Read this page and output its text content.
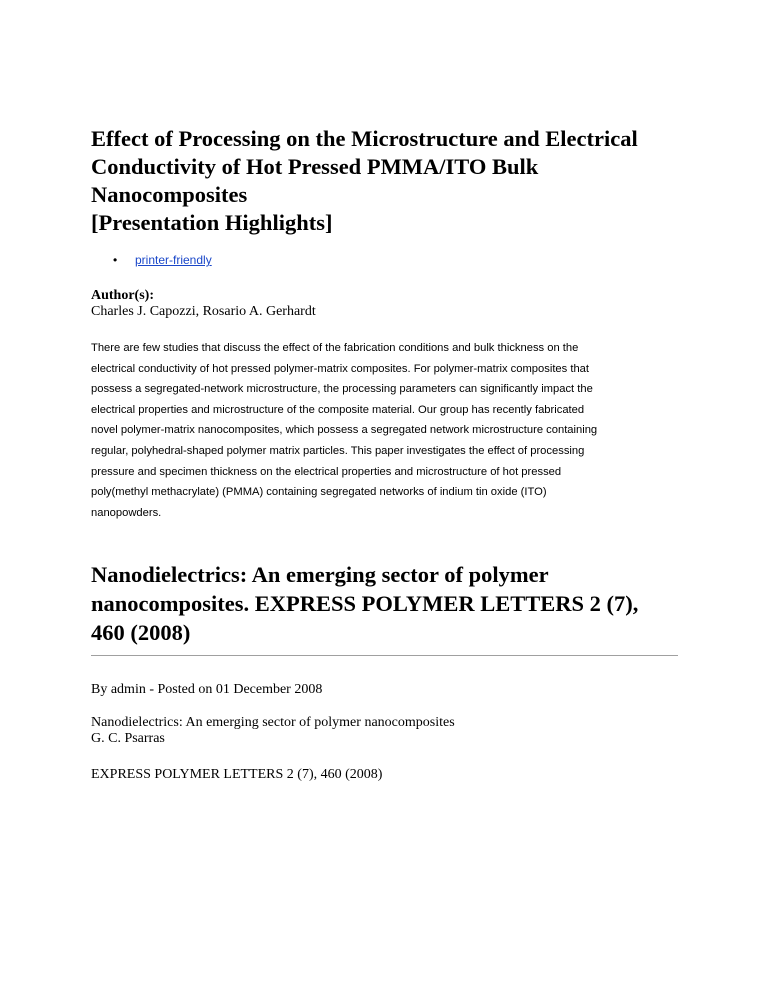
Effect of Processing on the Microstructure and Electrical
Conductivity of Hot Pressed PMMA/ITO Bulk
Nanocomposites
[Presentation Highlights]
• printer-friendly
Author(s):
Charles J. Capozzi, Rosario A. Gerhardt

There are few studies that discuss the effect of the fabrication conditions and bulk thickness on the
electrical conductivity of hot pressed polymer-matrix composites. For polymer-matrix composites that
possess a segregated-network microstructure, the processing parameters can significantly impact the
electrical properties and microstructure of the composite material. Our group has recently fabricated
novel polymer-matrix nanocomposites, which possess a segregated network microstructure containing
regular, polyhedral-shaped polymer matrix particles. This paper investigates the effect of processing
pressure and specimen thickness on the electrical properties and microstructure of hot pressed
poly(methyl methacrylate) (PMMA) containing segregated networks of indium tin oxide (ITO)
nanopowders.

Nanodielectrics: An emerging sector of polymer
nanocomposites. EXPRESS POLYMER LETTERS 2 (7),
460 (2008)
By admin - Posted on 01 December 2008
Nanodielectrics: An emerging sector of polymer nanocomposites
G. C. Psarras
EXPRESS POLYMER LETTERS 2 (7), 460 (2008)
